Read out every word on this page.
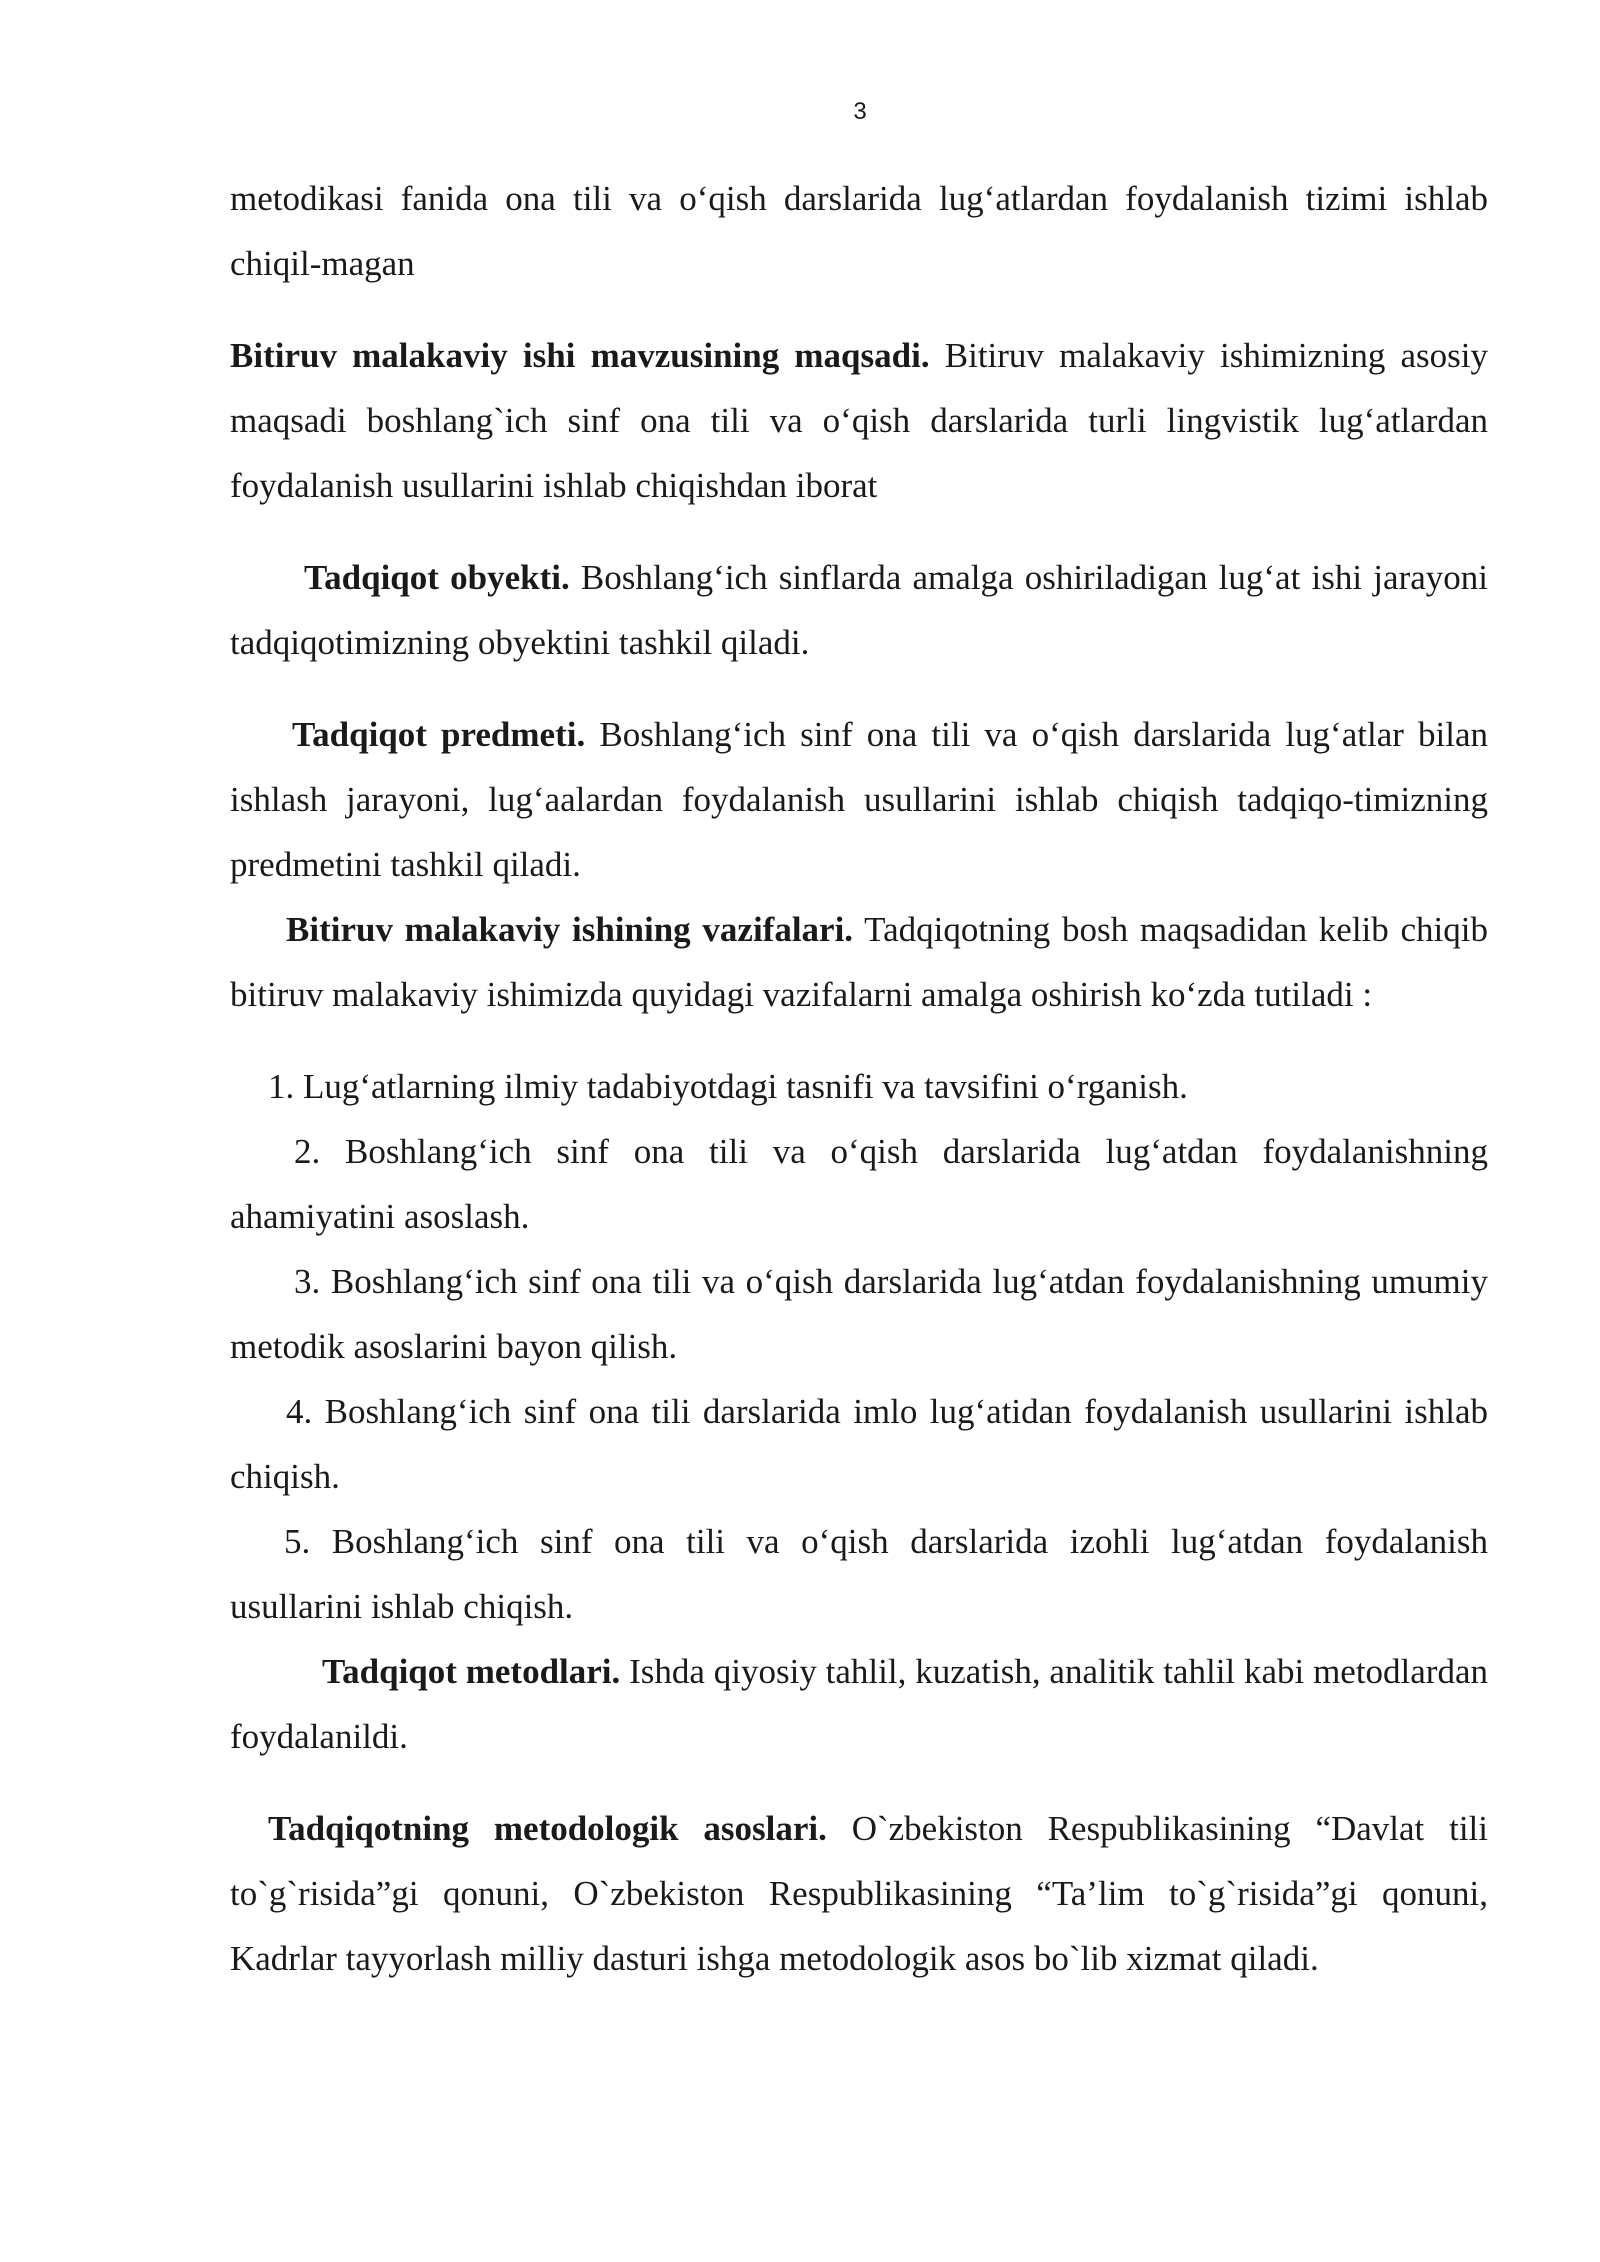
3

metodikasi fanida ona tili va o‘qish darslarida lug‘atlardan foydalanish tizimi ishlab chiqil-magan

Bitiruv malakaviy ishi mavzusining maqsadi. Bitiruv malakaviy ishimizning asosiy maqsadi boshlang`ich sinf ona tili va o‘qish darslarida turli lingvistik lug‘atlardan foydalanish usullarini ishlab chiqishdan iborat

Tadqiqot obyekti. Boshlang‘ich sinflarda amalga oshiriladigan lug‘at ishi jarayoni tadqiqotimizning obyektini tashkil qiladi.

Tadqiqot predmeti. Boshlang‘ich sinf ona tili va o‘qish darslarida lug‘atlar bilan ishlash jarayoni, lug‘aalardan foydalanish usullarini ishlab chiqish tadqiqo-timizning predmetini tashkil qiladi.

Bitiruv malakaviy ishining vazifalari. Tadqiqotning bosh maqsadidan kelib chiqib bitiruv malakaviy ishimizda quyidagi vazifalarni amalga oshirish ko‘zda tutiladi :

1. Lug‘atlarning ilmiy tadabiyotdagi tasnifi va tavsifini o‘rganish.

2. Boshlang‘ich sinf ona tili va o‘qish darslarida lug‘atdan foydalanishning ahamiyatini asoslash.

3. Boshlang‘ich sinf ona tili va o‘qish darslarida lug‘atdan foydalanishning umumiy metodik asoslarini bayon qilish.

4. Boshlang‘ich sinf ona tili darslarida imlo lug‘atidan foydalanish usullarini ishlab chiqish.

5. Boshlang‘ich sinf ona tili va o‘qish darslarida izohli lug‘atdan foydalanish usullarini ishlab chiqish.

Tadqiqot metodlari. Ishda qiyosiy tahlil, kuzatish, analitik tahlil kabi metodlardan foydalanildi.

Tadqiqotning metodologik asoslari. O`zbekiston Respublikasining “Davlat tili to`g`risida”gi qonuni, O`zbekiston Respublikasining “Ta’lim to`g`risida”gi qonuni, Kadrlar tayyorlash milliy dasturi ishga metodologik asos bo`lib xizmat qiladi.
